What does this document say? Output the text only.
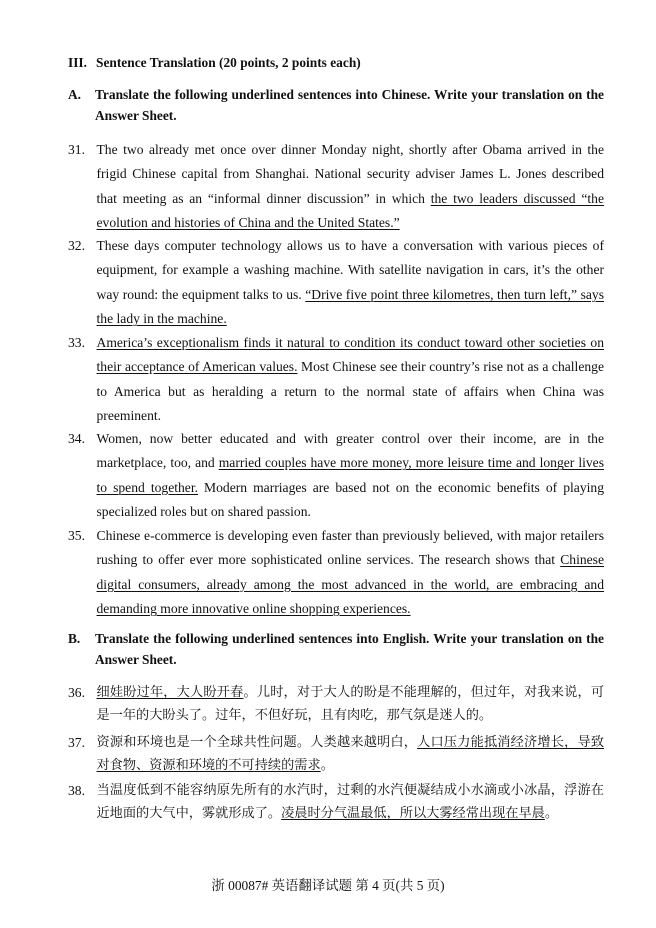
III. Sentence Translation (20 points, 2 points each)
A. Translate the following underlined sentences into Chinese. Write your translation on the Answer Sheet.
31. The two already met once over dinner Monday night, shortly after Obama arrived in the frigid Chinese capital from Shanghai. National security adviser James L. Jones described that meeting as an “informal dinner discussion” in which the two leaders discussed “the evolution and histories of China and the United States.”
32. These days computer technology allows us to have a conversation with various pieces of equipment, for example a washing machine. With satellite navigation in cars, it’s the other way round: the equipment talks to us. “Drive five point three kilometres, then turn left,” says the lady in the machine.
33. America’s exceptionalism finds it natural to condition its conduct toward other societies on their acceptance of American values. Most Chinese see their country’s rise not as a challenge to America but as heralding a return to the normal state of affairs when China was preeminent.
34. Women, now better educated and with greater control over their income, are in the marketplace, too, and married couples have more money, more leisure time and longer lives to spend together. Modern marriages are based not on the economic benefits of playing specialized roles but on shared passion.
35. Chinese e-commerce is developing even faster than previously believed, with major retailers rushing to offer ever more sophisticated online services. The research shows that Chinese digital consumers, already among the most advanced in the world, are embracing and demanding more innovative online shopping experiences.
B. Translate the following underlined sentences into English. Write your translation on the Answer Sheet.
36. 细娃盼过年，大人盼开春。儿时，对于大人的盼是不能理解的，但过年，对我来说，可是一年的大盼头了。过年，不但好玩，且有肉吃，那气氛是迷人的。
37. 资源和环境也是一个全球共性问题。人类越来越明白，人口压力能抵消经济增长，导致对食物、资源和环境的不可持续的需求。
38. 当温度低到不能容纳原先所有的水汽时，过剩的水汽便凝结成小水滴或小冰晶，浮游在近地面的大气中，雾就形成了。凌晨时分气温最低，所以大雾经常出现在早晨。
浙 00087# 英语翻译试题 第 4 页(共 5 页)
